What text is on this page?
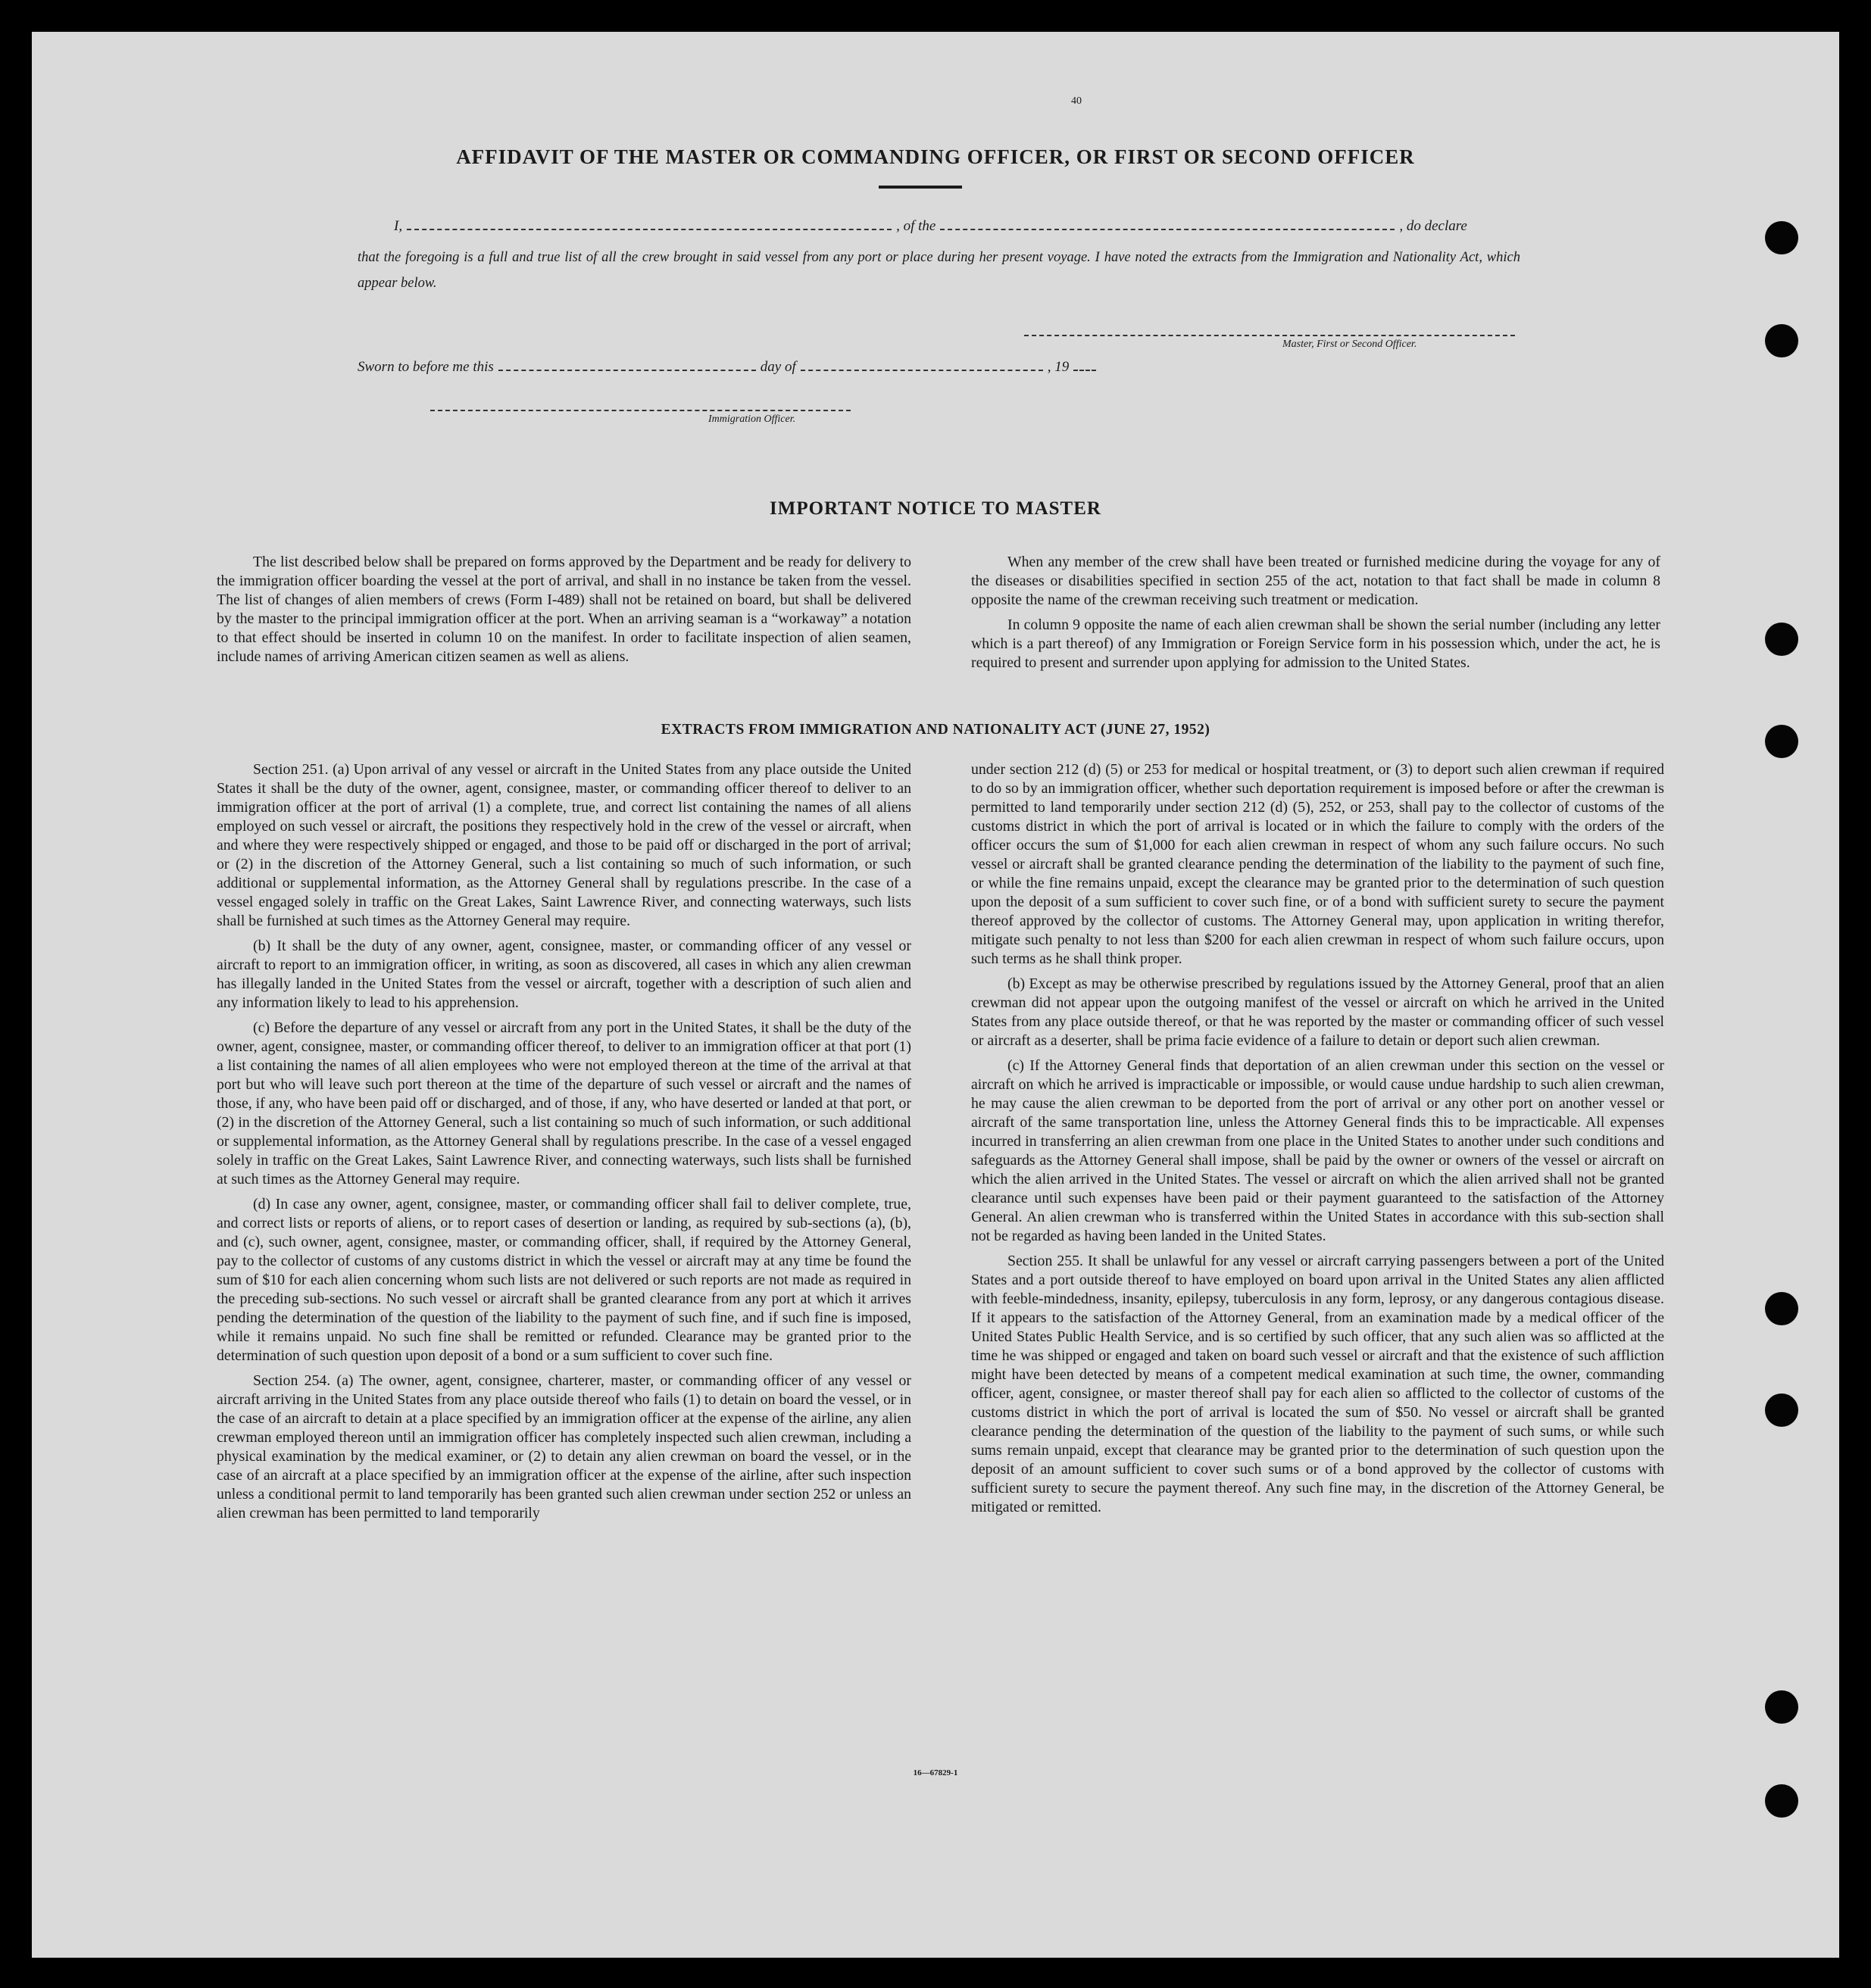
40
AFFIDAVIT OF THE MASTER OR COMMANDING OFFICER, OR FIRST OR SECOND OFFICER
I,	, of the	, do declare
that the foregoing is a full and true list of all the crew brought in said vessel from any port or place during her present voyage. I have noted the extracts from the Immigration and Nationality Act, which appear below.
Master, First or Second Officer.
Sworn to before me this	day of	, 19
Immigration Officer.
IMPORTANT NOTICE TO MASTER

The list described below shall be prepared on forms approved by the Department and be ready for delivery to the immigration officer boarding the vessel at the port of arrival, and shall in no instance be taken from the vessel. The list of changes of alien members of crews (Form I-489) shall not be retained on board, but shall be delivered by the master to the principal immigration officer at the port. When an arriving seaman is a “workaway” a notation to that effect should be inserted in column 10 on the manifest. In order to facilitate inspection of alien seamen, include names of arriving American citizen seamen as well as aliens.

When any member of the crew shall have been treated or furnished medicine during the voyage for any of the diseases or disabilities specified in section 255 of the act, notation to that fact shall be made in column 8 opposite the name of the crewman receiving such treatment or medication.

In column 9 opposite the name of each alien crewman shall be shown the serial number (including any letter which is a part thereof) of any Immigration or Foreign Service form in his possession which, under the act, he is required to present and surrender upon applying for admission to the United States.

EXTRACTS FROM IMMIGRATION AND NATIONALITY ACT (JUNE 27, 1952)

Section 251. (a) Upon arrival of any vessel or aircraft in the United States from any place outside the United States it shall be the duty of the owner, agent, consignee, master, or commanding officer thereof to deliver to an immigration officer at the port of arrival (1) a complete, true, and correct list containing the names of all aliens employed on such vessel or aircraft, the positions they respectively hold in the crew of the vessel or aircraft, when and where they were respectively shipped or engaged, and those to be paid off or discharged in the port of arrival; or (2) in the discretion of the Attorney General, such a list containing so much of such information, or such additional or supplemental information, as the Attorney General shall by regulations prescribe. In the case of a vessel engaged solely in traffic on the Great Lakes, Saint Lawrence River, and connecting waterways, such lists shall be furnished at such times as the Attorney General may require.

(b) It shall be the duty of any owner, agent, consignee, master, or commanding officer of any vessel or aircraft to report to an immigration officer, in writing, as soon as discovered, all cases in which any alien crewman has illegally landed in the United States from the vessel or aircraft, together with a description of such alien and any information likely to lead to his apprehension.

(c) Before the departure of any vessel or aircraft from any port in the United States, it shall be the duty of the owner, agent, consignee, master, or commanding officer thereof, to deliver to an immigration officer at that port (1) a list containing the names of all alien employees who were not employed thereon at the time of the arrival at that port but who will leave such port thereon at the time of the departure of such vessel or aircraft and the names of those, if any, who have been paid off or discharged, and of those, if any, who have deserted or landed at that port, or (2) in the discretion of the Attorney General, such a list containing so much of such information, or such additional or supplemental information, as the Attorney General shall by regulations prescribe. In the case of a vessel engaged solely in traffic on the Great Lakes, Saint Lawrence River, and connecting waterways, such lists shall be furnished at such times as the Attorney General may require.

(d) In case any owner, agent, consignee, master, or commanding officer shall fail to deliver complete, true, and correct lists or reports of aliens, or to report cases of desertion or landing, as required by sub-sections (a), (b), and (c), such owner, agent, consignee, master, or commanding officer, shall, if required by the Attorney General, pay to the collector of customs of any customs district in which the vessel or aircraft may at any time be found the sum of $10 for each alien concerning whom such lists are not delivered or such reports are not made as required in the preceding sub-sections. No such vessel or aircraft shall be granted clearance from any port at which it arrives pending the determination of the question of the liability to the payment of such fine, and if such fine is imposed, while it remains unpaid. No such fine shall be remitted or refunded. Clearance may be granted prior to the determination of such question upon deposit of a bond or a sum sufficient to cover such fine.

Section 254. (a) The owner, agent, consignee, charterer, master, or commanding officer of any vessel or aircraft arriving in the United States from any place outside thereof who fails (1) to detain on board the vessel, or in the case of an aircraft to detain at a place specified by an immigration officer at the expense of the airline, any alien crewman employed thereon until an immigration officer has completely inspected such alien crewman, including a physical examination by the medical examiner, or (2) to detain any alien crewman on board the vessel, or in the case of an aircraft at a place specified by an immigration officer at the expense of the airline, after such inspection unless a conditional permit to land temporarily has been granted such alien crewman under section 252 or unless an alien crewman has been permitted to land temporarily

under section 212 (d) (5) or 253 for medical or hospital treatment, or (3) to deport such alien crewman if required to do so by an immigration officer, whether such deportation requirement is imposed before or after the crewman is permitted to land temporarily under section 212 (d) (5), 252, or 253, shall pay to the collector of customs of the customs district in which the port of arrival is located or in which the failure to comply with the orders of the officer occurs the sum of $1,000 for each alien crewman in respect of whom any such failure occurs. No such vessel or aircraft shall be granted clearance pending the determination of the liability to the payment of such fine, or while the fine remains unpaid, except the clearance may be granted prior to the determination of such question upon the deposit of a sum sufficient to cover such fine, or of a bond with sufficient surety to secure the payment thereof approved by the collector of customs. The Attorney General may, upon application in writing therefor, mitigate such penalty to not less than $200 for each alien crewman in respect of whom such failure occurs, upon such terms as he shall think proper.

(b) Except as may be otherwise prescribed by regulations issued by the Attorney General, proof that an alien crewman did not appear upon the outgoing manifest of the vessel or aircraft on which he arrived in the United States from any place outside thereof, or that he was reported by the master or commanding officer of such vessel or aircraft as a deserter, shall be prima facie evidence of a failure to detain or deport such alien crewman.

(c) If the Attorney General finds that deportation of an alien crewman under this section on the vessel or aircraft on which he arrived is impracticable or impossible, or would cause undue hardship to such alien crewman, he may cause the alien crewman to be deported from the port of arrival or any other port on another vessel or aircraft of the same transportation line, unless the Attorney General finds this to be impracticable. All expenses incurred in transferring an alien crewman from one place in the United States to another under such conditions and safeguards as the Attorney General shall impose, shall be paid by the owner or owners of the vessel or aircraft on which the alien arrived in the United States. The vessel or aircraft on which the alien arrived shall not be granted clearance until such expenses have been paid or their payment guaranteed to the satisfaction of the Attorney General. An alien crewman who is transferred within the United States in accordance with this sub-section shall not be regarded as having been landed in the United States.

Section 255. It shall be unlawful for any vessel or aircraft carrying passengers between a port of the United States and a port outside thereof to have employed on board upon arrival in the United States any alien afflicted with feeble-mindedness, insanity, epilepsy, tuberculosis in any form, leprosy, or any dangerous contagious disease. If it appears to the satisfaction of the Attorney General, from an examination made by a medical officer of the United States Public Health Service, and is so certified by such officer, that any such alien was so afflicted at the time he was shipped or engaged and taken on board such vessel or aircraft and that the existence of such affliction might have been detected by means of a competent medical examination at such time, the owner, commanding officer, agent, consignee, or master thereof shall pay for each alien so afflicted to the collector of customs of the customs district in which the port of arrival is located the sum of $50. No vessel or aircraft shall be granted clearance pending the determination of the question of the liability to the payment of such sums, or while such sums remain unpaid, except that clearance may be granted prior to the determination of such question upon the deposit of an amount sufficient to cover such sums or of a bond approved by the collector of customs with sufficient surety to secure the payment thereof. Any such fine may, in the discretion of the Attorney General, be mitigated or remitted.

16—67829-1
